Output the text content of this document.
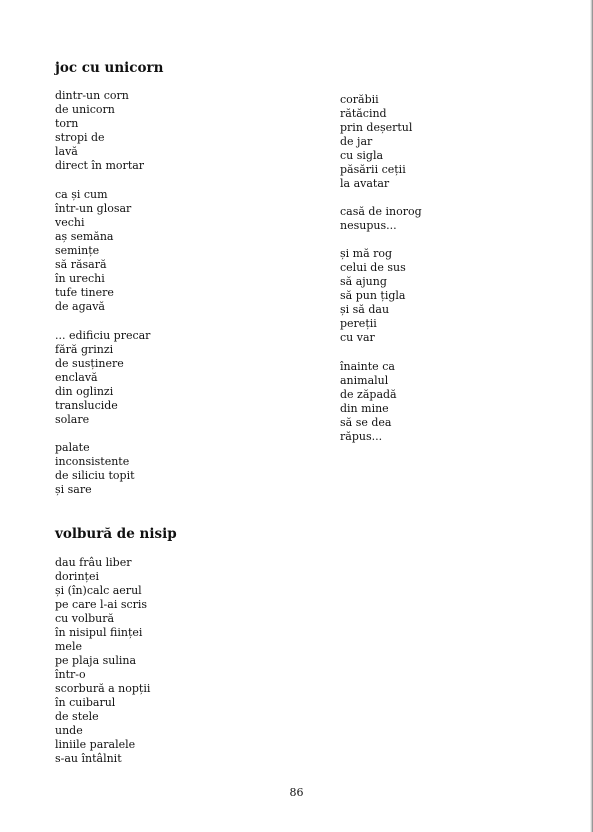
joc cu unicorn
dintr-un corn
de unicorn
torn
stropi de
lavă
direct în mortar
ca și cum
într-un glosar
vechi
aș semăna
semințe
să răsară
în urechi
tufe tinere
de agavă
... edificiu precar
fără grinzi
de susținere
enclavă
din oglinzi
translucide
solare
palate
inconsistente
de siliciu topit
și sare
corăbii
rătăcind
prin deșertul
de jar
cu sigla
păsării ceții
la avatar
casă de inorog
nesupus...
și mă rog
celui de sus
să ajung
să pun țigla
și să dau
pereții
cu var
înainte ca
animalul
de zăpadă
din mine
să se dea
răpus...
volbură de nisip
dau frâu liber
dorinței
și (în)calc aerul
pe care l-ai scris
cu volbură
în nisipul ființei
mele
pe plaja sulina
într-o
scorbură a nopții
în cuibarul
de stele
unde
liniile paralele
s-au întâlnit
86
